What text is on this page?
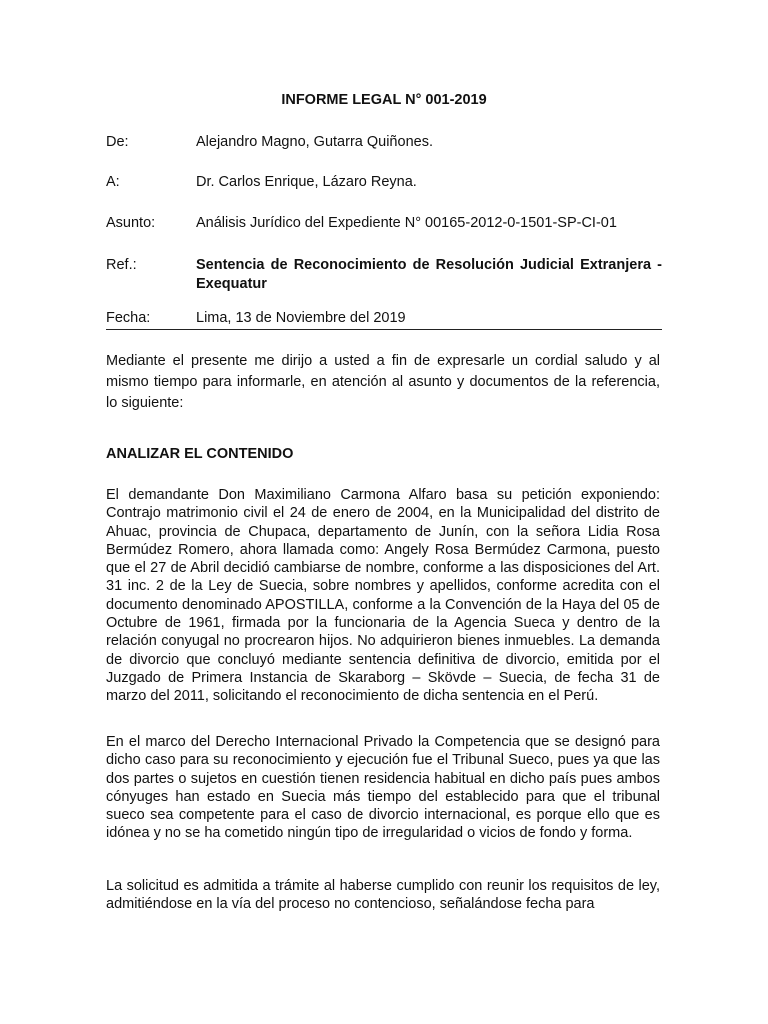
INFORME LEGAL N° 001-2019
De:	Alejandro Magno, Gutarra Quiñones.
A:	Dr. Carlos Enrique, Lázaro Reyna.
Asunto:	Análisis Jurídico del Expediente N° 00165-2012-0-1501-SP-CI-01
Ref.:	Sentencia de Reconocimiento de Resolución Judicial Extranjera - Exequatur
Fecha:	Lima, 13 de Noviembre del 2019

Mediante el presente me dirijo a usted a fin de expresarle un cordial saludo y al mismo tiempo para informarle, en atención al asunto y documentos de la referencia, lo siguiente:

ANALIZAR EL CONTENIDO

El demandante Don Maximiliano Carmona Alfaro basa su petición exponiendo: Contrajo matrimonio civil el 24 de enero de 2004, en la Municipalidad del distrito de Ahuac, provincia de Chupaca, departamento de Junín, con la señora Lidia Rosa Bermúdez Romero, ahora llamada como: Angely Rosa Bermúdez Carmona, puesto que el 27 de Abril decidió cambiarse de nombre, conforme a las disposiciones del Art. 31 inc. 2 de la Ley de Suecia, sobre nombres y apellidos, conforme acredita con el documento denominado APOSTILLA, conforme a la Convención de la Haya del 05 de Octubre de 1961, firmada por la funcionaria de la Agencia Sueca y dentro de la relación conyugal no procrearon hijos. No adquirieron bienes inmuebles. La demanda de divorcio que concluyó mediante sentencia definitiva de divorcio, emitida por el Juzgado de Primera Instancia de Skaraborg – Skövde – Suecia, de fecha 31 de marzo del 2011, solicitando el reconocimiento de dicha sentencia en el Perú.

En el marco del Derecho Internacional Privado la Competencia que se designó para dicho caso para su reconocimiento y ejecución fue el Tribunal Sueco, pues ya que las dos partes o sujetos en cuestión tienen residencia habitual en dicho país pues ambos cónyuges han estado en Suecia más tiempo del establecido para que el tribunal sueco sea competente para el caso de divorcio internacional, es porque ello que es idónea y no se ha cometido ningún tipo de irregularidad o vicios de fondo y forma.

La solicitud es admitida a trámite al haberse cumplido con reunir los requisitos de ley, admitiéndose en la vía del proceso no contencioso, señalándose fecha para
